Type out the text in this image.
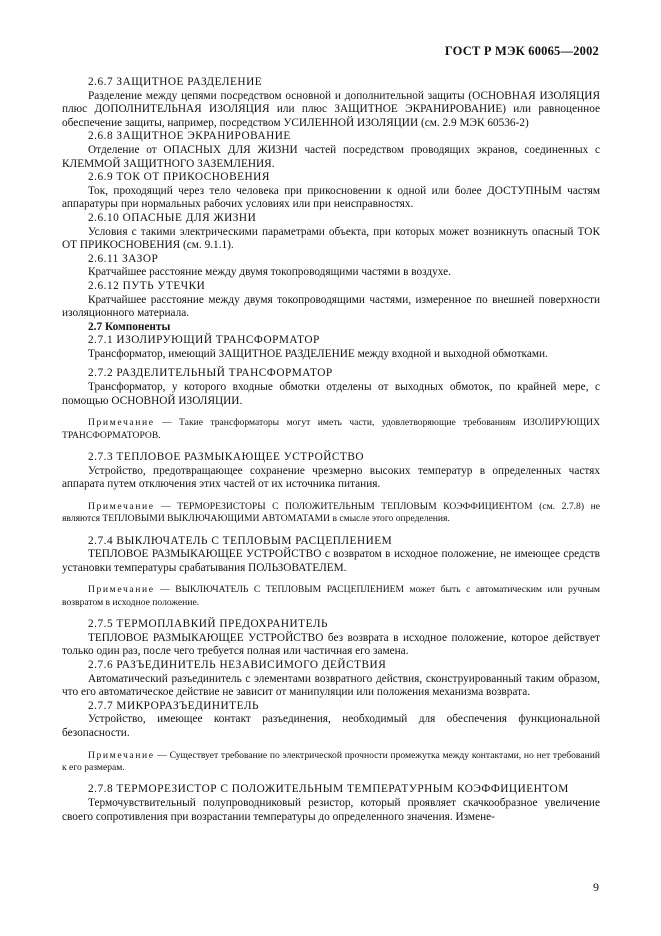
ГОСТ Р МЭК 60065—2002
2.6.7 ЗАЩИТНОЕ РАЗДЕЛЕНИЕ
Разделение между цепями посредством основной и дополнительной защиты (ОСНОВНАЯ ИЗОЛЯЦИЯ плюс ДОПОЛНИТЕЛЬНАЯ ИЗОЛЯЦИЯ или плюс ЗАЩИТНОЕ ЭКРАНИРОВАНИЕ) или равноценное обеспечение защиты, например, посредством УСИЛЕННОЙ ИЗОЛЯЦИИ (см. 2.9 МЭК 60536-2)
2.6.8 ЗАЩИТНОЕ ЭКРАНИРОВАНИЕ
Отделение от ОПАСНЫХ ДЛЯ ЖИЗНИ частей посредством проводящих экранов, соединенных с КЛЕММОЙ ЗАЩИТНОГО ЗАЗЕМЛЕНИЯ.
2.6.9 ТОК ОТ ПРИКОСНОВЕНИЯ
Ток, проходящий через тело человека при прикосновении к одной или более ДОСТУПНЫМ частям аппаратуры при нормальных рабочих условиях или при неисправностях.
2.6.10 ОПАСНЫЕ ДЛЯ ЖИЗНИ
Условия с такими электрическими параметрами объекта, при которых может возникнуть опасный ТОК ОТ ПРИКОСНОВЕНИЯ (см. 9.1.1).
2.6.11 ЗАЗОР
Кратчайшее расстояние между двумя токопроводящими частями в воздухе.
2.6.12 ПУТЬ УТЕЧКИ
Кратчайшее расстояние между двумя токопроводящими частями, измеренное по внешней поверхности изоляционного материала.
2.7 Компоненты
2.7.1 ИЗОЛИРУЮЩИЙ ТРАНСФОРМАТОР
Трансформатор, имеющий ЗАЩИТНОЕ РАЗДЕЛЕНИЕ между входной и выходной обмотками.
2.7.2 РАЗДЕЛИТЕЛЬНЫЙ ТРАНСФОРМАТОР
Трансформатор, у которого входные обмотки отделены от выходных обмоток, по крайней мере, с помощью ОСНОВНОЙ ИЗОЛЯЦИИ.
Примечание — Такие трансформаторы могут иметь части, удовлетворяющие требованиям ИЗОЛИРУЮЩИХ ТРАНСФОРМАТОРОВ.
2.7.3 ТЕПЛОВОЕ РАЗМЫКАЮЩЕЕ УСТРОЙСТВО
Устройство, предотвращающее сохранение чрезмерно высоких температур в определенных частях аппарата путем отключения этих частей от их источника питания.
Примечание — ТЕРМОРЕЗИСТОРЫ С ПОЛОЖИТЕЛЬНЫМ ТЕПЛОВЫМ КОЭФФИЦИЕНТОМ (см. 2.7.8) не являются ТЕПЛОВЫМИ ВЫКЛЮЧАЮЩИМИ АВТОМАТАМИ в смысле этого определения.
2.7.4 ВЫКЛЮЧАТЕЛЬ С ТЕПЛОВЫМ РАСЦЕПЛЕНИЕМ
ТЕПЛОВОЕ РАЗМЫКАЮЩЕЕ УСТРОЙСТВО с возвратом в исходное положение, не имеющее средств установки температуры срабатывания ПОЛЬЗОВАТЕЛЕМ.
Примечание — ВЫКЛЮЧАТЕЛЬ С ТЕПЛОВЫМ РАСЦЕПЛЕНИЕМ может быть с автоматическим или ручным возвратом в исходное положение.
2.7.5 ТЕРМОПЛАВКИЙ ПРЕДОХРАНИТЕЛЬ
ТЕПЛОВОЕ РАЗМЫКАЮЩЕЕ УСТРОЙСТВО без возврата в исходное положение, которое действует только один раз, после чего требуется полная или частичная его замена.
2.7.6 РАЗЪЕДИНИТЕЛЬ НЕЗАВИСИМОГО ДЕЙСТВИЯ
Автоматический разъединитель с элементами возвратного действия, сконструированный таким образом, что его автоматическое действие не зависит от манипуляции или положения механизма возврата.
2.7.7 МИКРОРАЗЪЕДИНИТЕЛЬ
Устройство, имеющее контакт разъединения, необходимый для обеспечения функциональной безопасности.
Примечание — Существует требование по электрической прочности промежутка между контактами, но нет требований к его размерам.
2.7.8 ТЕРМОРЕЗИСТОР С ПОЛОЖИТЕЛЬНЫМ ТЕМПЕРАТУРНЫМ КОЭФФИЦИЕНТОМ
Термочувствительный полупроводниковый резистор, который проявляет скачкообразное увеличение своего сопротивления при возрастании температуры до определенного значения. Измене-
9
